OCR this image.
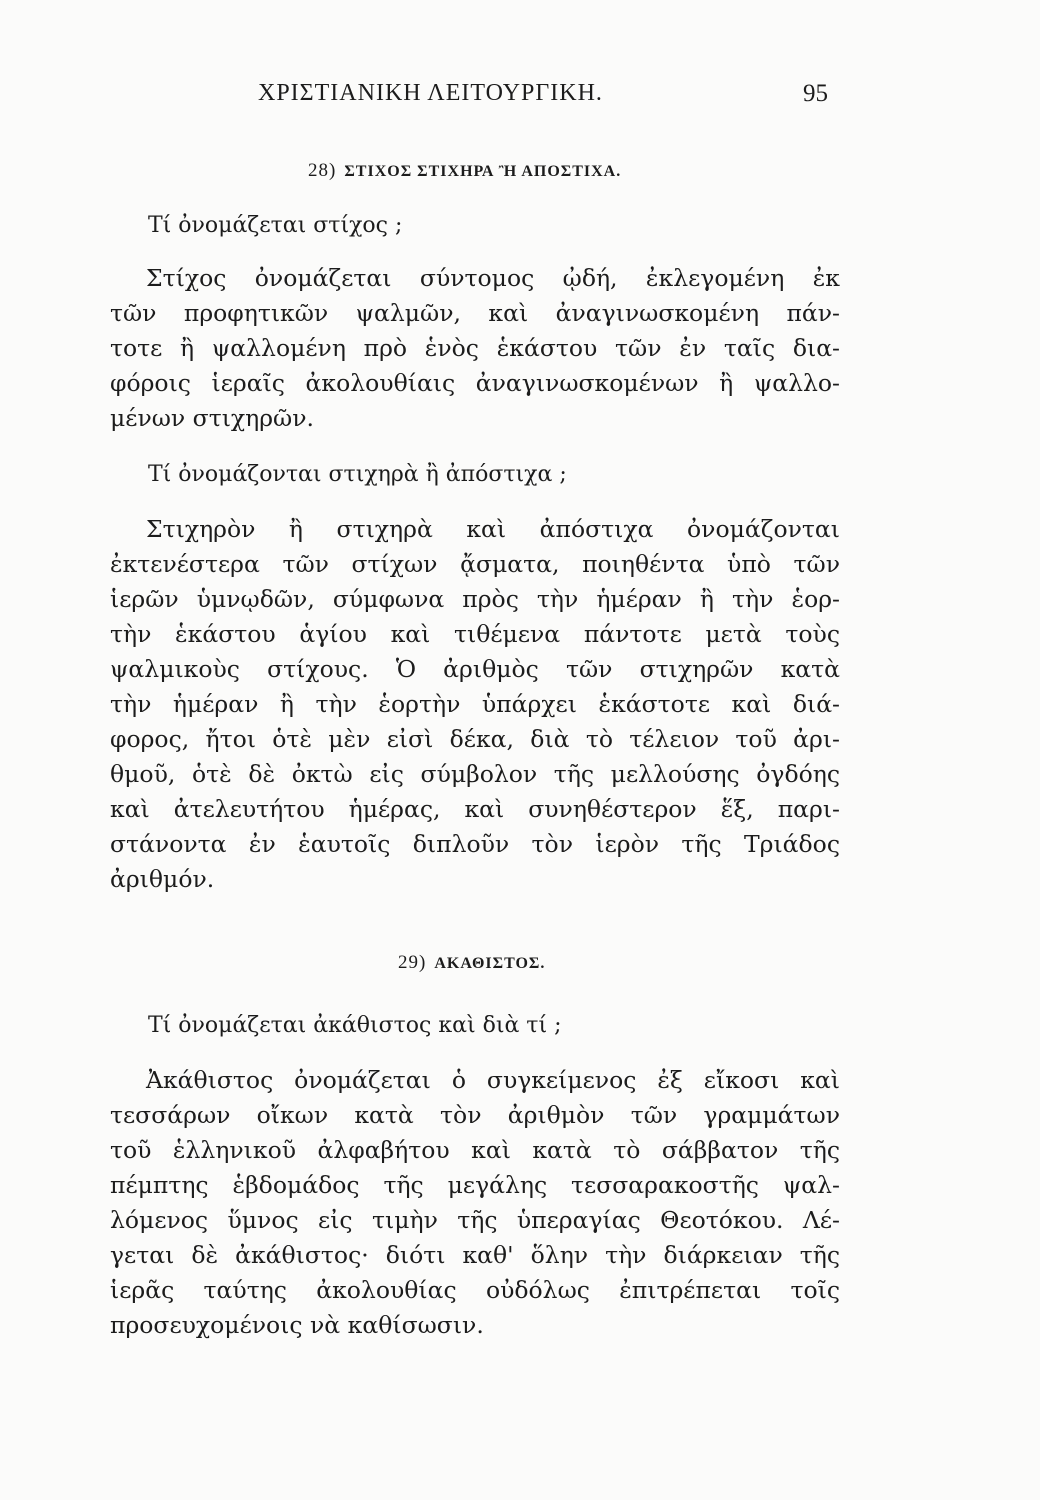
ΧΡΙΣΤΙΑΝΙΚΗ ΛΕΙΤΟΥΡΓΙΚΗ.	95
28) ΣΤΙΧΟΣ ΣΤΙΧΗΡΑ Ἢ ΑΠΟΣΤΙΧΑ.
Τί ὀνομάζεται στίχος ;
Στίχος ὀνομάζεται σύντομος ᾠδή, ἐκλεγομένη ἐκ
τῶν προφητικῶν ψαλμῶν, καὶ ἀναγινωσκομένη πάν-
τοτε ἢ ψαλλομένη πρὸ ἑνὸς ἑκάστου τῶν ἐν ταῖς δια-
φόροις ἱεραῖς ἀκολουθίαις ἀναγινωσκομένων ἢ ψαλλο-
μένων στιχηρῶν.
Τί ὀνομάζονται στιχηρὰ ἢ ἀπόστιχα ;
Στιχηρὸν ἢ στιχηρὰ καὶ ἀπόστιχα ὀνομάζονται
ἐκτενέστερα τῶν στίχων ᾄσματα, ποιηθέντα ὑπὸ τῶν
ἱερῶν ὑμνῳδῶν, σύμφωνα πρὸς τὴν ἡμέραν ἢ τὴν ἑορ-
τὴν ἑκάστου ἁγίου καὶ τιθέμενα πάντοτε μετὰ τοὺς
ψαλμικοὺς στίχους. Ὁ ἀριθμὸς τῶν στιχηρῶν κατὰ
τὴν ἡμέραν ἢ τὴν ἑορτὴν ὑπάρχει ἑκάστοτε καὶ διά-
φορος, ἤτοι ὁτὲ μὲν εἰσὶ δέκα, διὰ τὸ τέλειον τοῦ ἀρι-
θμοῦ, ὁτὲ δὲ ὀκτὼ εἰς σύμβολον τῆς μελλούσης ὀγδόης
καὶ ἀτελευτήτου ἡμέρας, καὶ συνηθέστερον ἕξ, παρι-
στάνοντα ἐν ἑαυτοῖς διπλοῦν τὸν ἱερὸν τῆς Τριάδος
ἀριθμόν.
29) ΑΚΑΘΙΣΤΟΣ.
Τί ὀνομάζεται ἀκάθιστος καὶ διὰ τί ;
Ἀκάθιστος ὀνομάζεται ὁ συγκείμενος ἐξ εἴκοσι καὶ
τεσσάρων οἴκων κατὰ τὸν ἀριθμὸν τῶν γραμμάτων
τοῦ ἑλληνικοῦ ἀλφαβήτου καὶ κατὰ τὸ σάββατον τῆς
πέμπτης ἑβδομάδος τῆς μεγάλης τεσσαρακοστῆς ψαλ-
λόμενος ὕμνος εἰς τιμὴν τῆς ὑπεραγίας Θεοτόκου. Λέ-
γεται δὲ ἀκάθιστος· διότι καθ' ὅλην τὴν διάρκειαν τῆς
ἱερᾶς ταύτης ἀκολουθίας οὐδόλως ἐπιτρέπεται τοῖς
προσευχομένοις νὰ καθίσωσιν.
